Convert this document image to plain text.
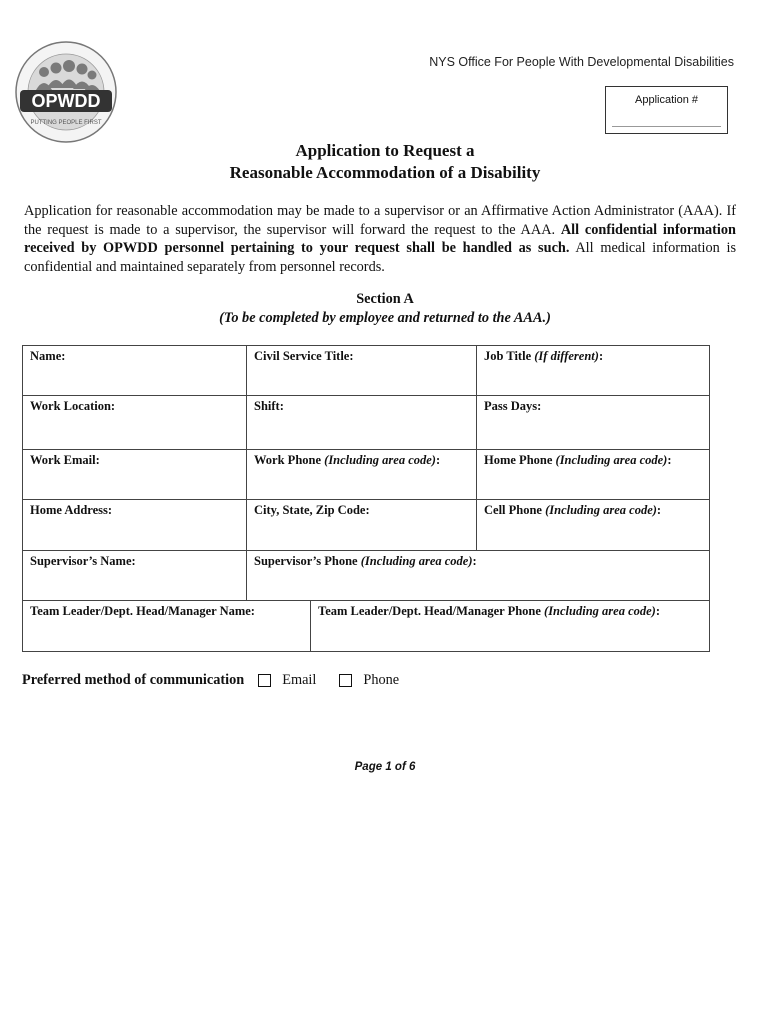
OPWDD
PUTTING PEOPLE FIRST
NYS Office For People With Developmental Disabilities
Application #
Application to Request a
Reasonable Accommodation of a Disability
Application for reasonable accommodation may be made to a supervisor or an Affirmative Action Administrator (AAA). If the request is made to a supervisor, the supervisor will forward the request to the AAA. All confidential information received by OPWDD personnel pertaining to your request shall be handled as such. All medical information is confidential and maintained separately from personnel records.
Section A
(To be completed by employee and returned to the AAA.)
Name:	Civil Service Title:		Job Title (If different):
Work Location:	Shift:		Pass Days:
Work Email:	Work Phone (Including area code):		Home Phone (Including area code):
Home Address:	City, State, Zip Code:		Cell Phone (Including area code):
Supervisor’s Name:	Supervisor’s Phone (Including area code):		
Team Leader/Dept. Head/Manager Name:		Team Leader/Dept. Head/Manager Phone (Including area code):	
Preferred method of communication	Email	Phone
Page 1 of 6
